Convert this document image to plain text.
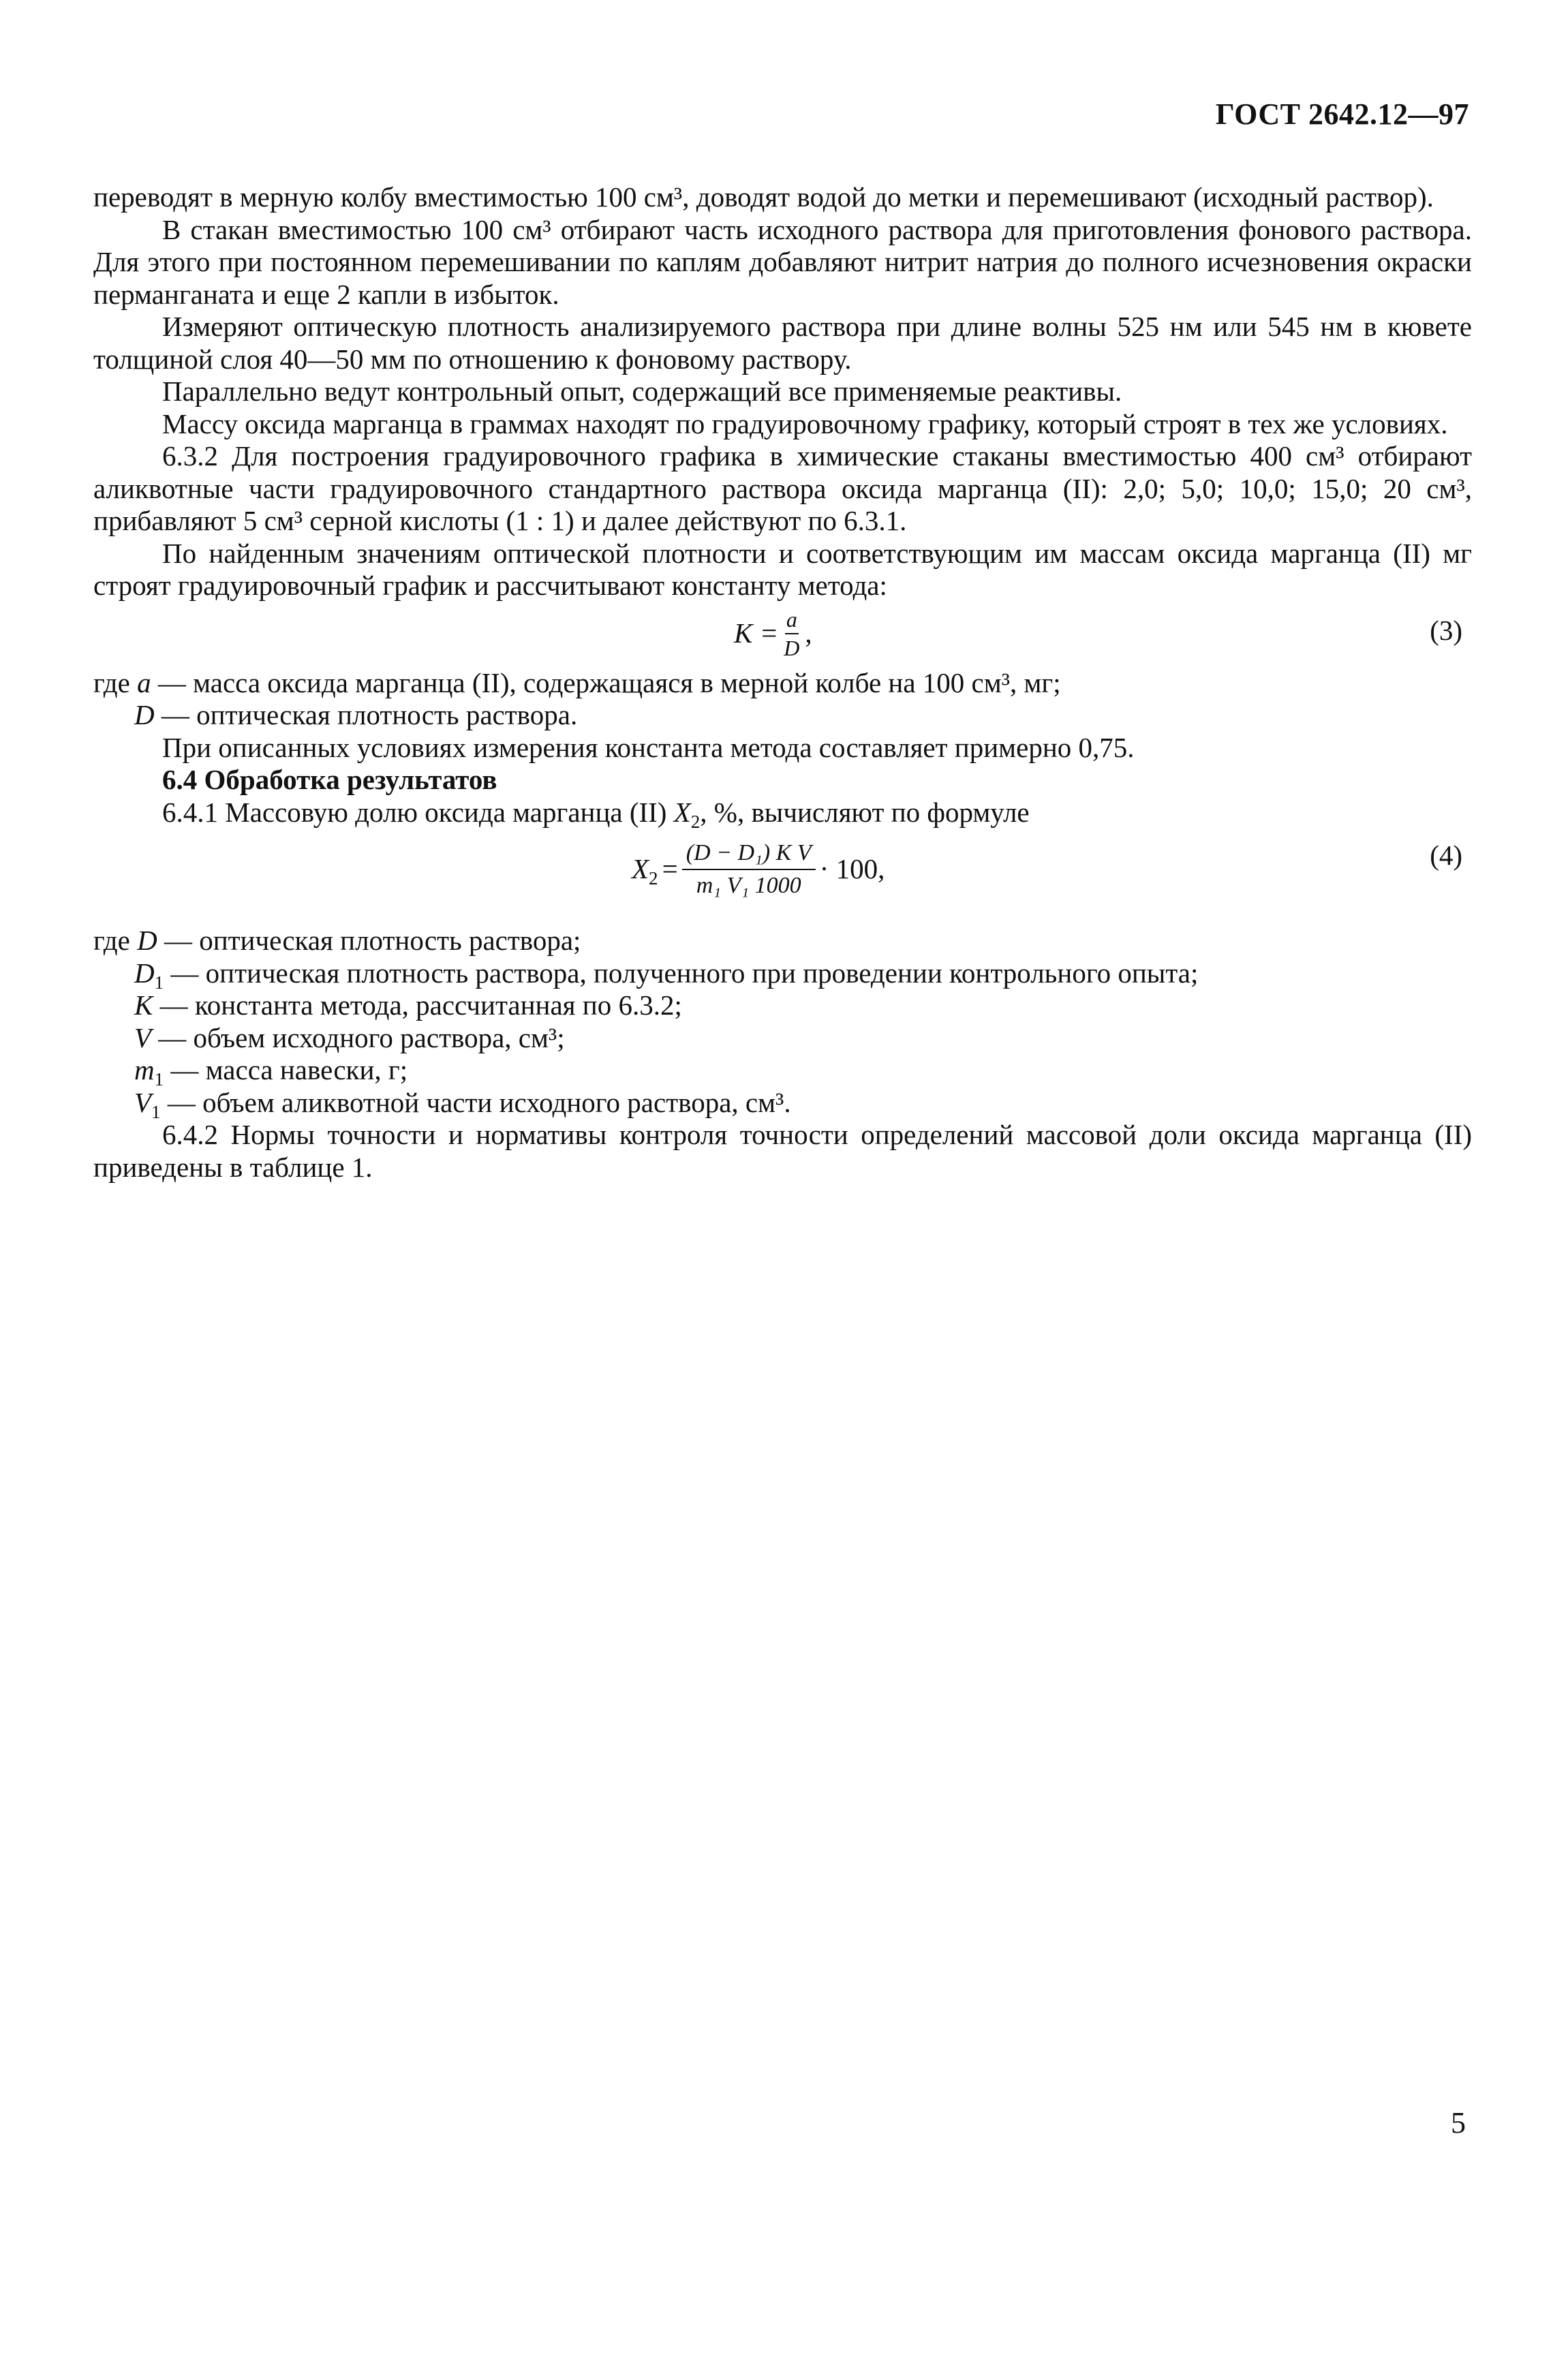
ГОСТ 2642.12—97

переводят в мерную колбу вместимостью 100 см³, доводят водой до метки и перемешивают (исходный раствор).

В стакан вместимостью 100 см³ отбирают часть исходного раствора для приготовления фонового раствора. Для этого при постоянном перемешивании по каплям добавляют нитрит натрия до полного исчезновения окраски перманганата и еще 2 капли в избыток.

Измеряют оптическую плотность анализируемого раствора при длине волны 525 нм или 545 нм в кювете толщиной слоя 40—50 мм по отношению к фоновому раствору.

Параллельно ведут контрольный опыт, содержащий все применяемые реактивы.

Массу оксида марганца в граммах находят по градуировочному графику, который строят в тех же условиях.

6.3.2 Для построения градуировочного графика в химические стаканы вместимостью 400 см³ отбирают аликвотные части градуировочного стандартного раствора оксида марганца (II): 2,0; 5,0; 10,0; 15,0; 20 см³, прибавляют 5 см³ серной кислоты (1 : 1) и далее действуют по 6.3.1.

По найденным значениям оптической плотности и соответствующим им массам оксида марганца (II) мг строят градуировочный график и рассчитывают константу метода:

$K = \frac{a}{D}$ ,	(3)

где a — масса оксида марганца (II), содержащаяся в мерной колбе на 100 см³, мг;

D — оптическая плотность раствора.

При описанных условиях измерения константа метода составляет примерно 0,75.

6.4 Обработка результатов

6.4.1 Массовую долю оксида марганца (II) $X_2$, %, вычисляют по формуле

$X_2 = \frac{\text{(D − D₁) K V}}{\text{m₁ V₁ 1000}} \cdot 100$,	(4)

где D — оптическая плотность раствора;

$D_1$ — оптическая плотность раствора, полученного при проведении контрольного опыта;

K — константа метода, рассчитанная по 6.3.2;

V — объем исходного раствора, см³;

$m_1$ — масса навески, г;

$V_1$ — объем аликвотной части исходного раствора, см³.

6.4.2 Нормы точности и нормативы контроля точности определений массовой доли оксида марганца (II) приведены в таблице 1.

5
